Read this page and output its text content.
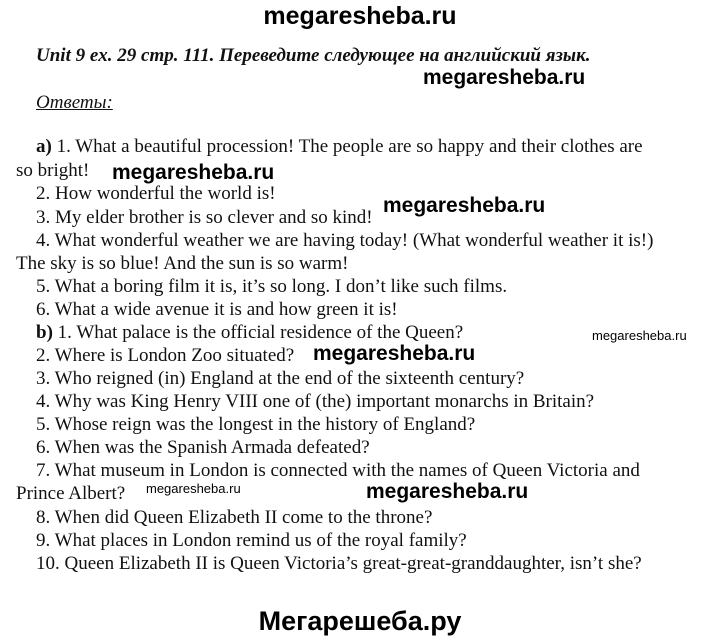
megaresheba.ru
Unit 9 ex. 29 стр. 111. Переведите следующее на английский язык.
megaresheba.ru
Ответы:
a) 1. What a beautiful procession! The people are so happy and their clothes are
so bright! megaresheba.ru
2. How wonderful the world is!
3. My elder brother is so clever and so kind!
megaresheba.ru
4. What wonderful weather we are having today! (What wonderful weather it is!)
The sky is so blue! And the sun is so warm!
5. What a boring film it is, it’s so long. I don’t like such films.
6. What a wide avenue it is and how green it is!
b) 1. What palace is the official residence of the Queen?	megaresheba.ru
2. Where is London Zoo situated? megaresheba.ru
3. Who reigned (in) England at the end of the sixteenth century?
4. Why was King Henry VIII one of (the) important monarchs in Britain?
5. Whose reign was the longest in the history of England?
6. When was the Spanish Armada defeated?
7. What museum in London is connected with the names of Queen Victoria and
Prince Albert? megaresheba.ru	megaresheba.ru
8. When did Queen Elizabeth II come to the throne?
9. What places in London remind us of the royal family?
10. Queen Elizabeth II is Queen Victoria’s great-great-granddaughter, isn’t she?
Мегарешеба.ру
